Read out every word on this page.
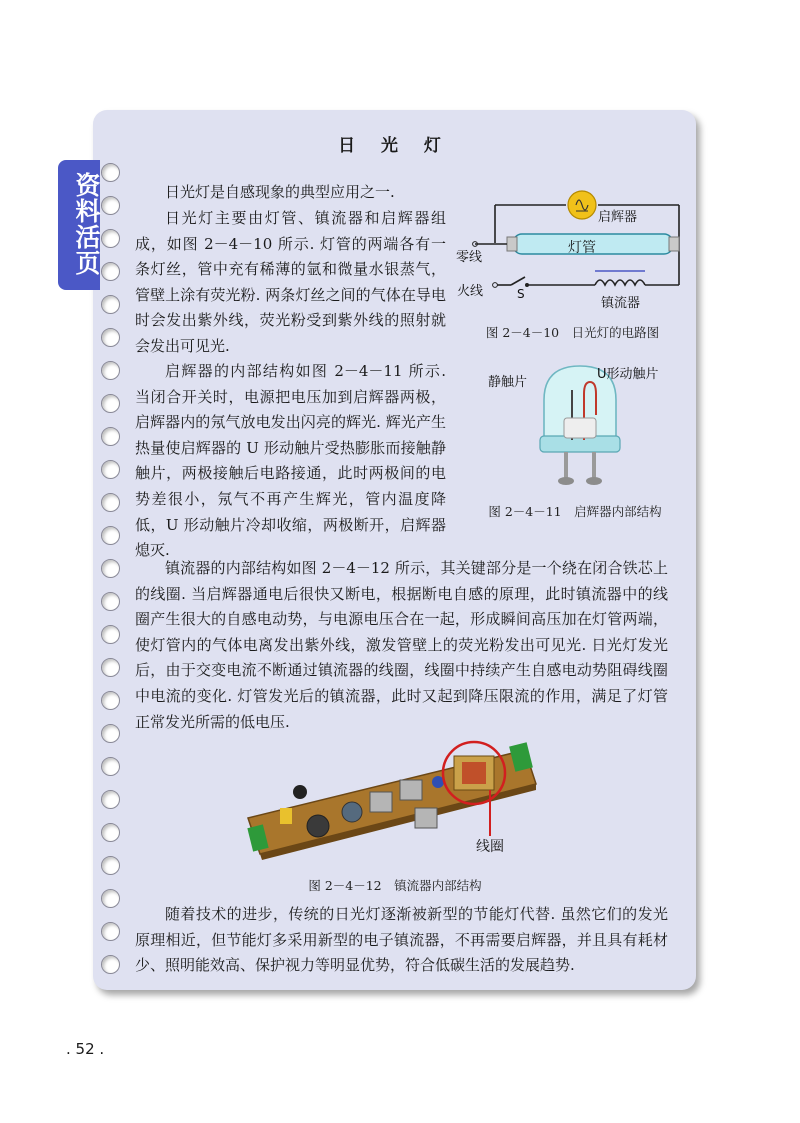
资料活页
日 光 灯

日光灯是自感现象的典型应用之一.

日光灯主要由灯管、镇流器和启辉器组成，如图 2－4－10 所示. 灯管的两端各有一条灯丝，管中充有稀薄的氩和微量水银蒸气，管壁上涂有荧光粉. 两条灯丝之间的气体在导电时会发出紫外线，荧光粉受到紫外线的照射就会发出可见光.

启辉器的内部结构如图 2－4－11 所示. 当闭合开关时，电源把电压加到启辉器两极，启辉器内的氖气放电发出闪亮的辉光. 辉光产生热量使启辉器的 U 形动触片受热膨胀而接触静触片，两极接触后电路接通，此时两极间的电势差很小，氖气不再产生辉光，管内温度降低，U 形动触片冷却收缩，两极断开，启辉器熄灭.

镇流器的内部结构如图 2－4－12 所示，其关键部分是一个绕在闭合铁芯上的线圈. 当启辉器通电后很快又断电，根据断电自感的原理，此时镇流器中的线圈产生很大的自感电动势，与电源电压合在一起，形成瞬间高压加在灯管两端，使灯管内的气体电离发出紫外线，激发管壁上的荧光粉发出可见光. 日光灯发光后，由于交变电流不断通过镇流器的线圈，线圈中持续产生自感电动势阻碍线圈中电流的变化. 灯管发光后的镇流器，此时又起到降压限流的作用，满足了灯管正常发光所需的低电压.

随着技术的进步，传统的日光灯逐渐被新型的节能灯代替. 虽然它们的发光原理相近，但节能灯多采用新型的电子镇流器，不再需要启辉器，并且具有耗材少、照明能效高、保护视力等明显优势，符合低碳生活的发展趋势.

启辉器
灯管
零线
火线	S
镇流器
图 2－4－10　日光灯的电路图
静触片
U形动触片
图 2－4－11　启辉器内部结构
线圈
图 2－4－12　镇流器内部结构
. 52 .
